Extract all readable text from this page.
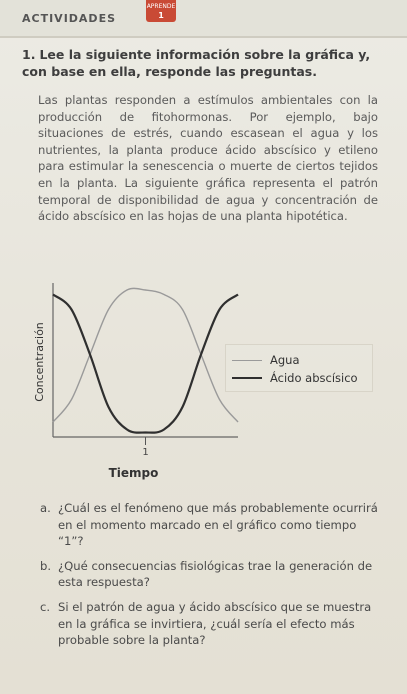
ACTIVIDADES
APRENDE
1
1. Lee la siguiente información sobre la gráfica y, con base en ella, responde las preguntas.
Las plantas responden a estímulos ambientales con la producción de fitohormonas. Por ejemplo, bajo situaciones de estrés, cuando escasean el agua y los nutrientes, la planta produce ácido abscísico y etileno para estimular la senescencia o muerte de ciertos tejidos en la planta. La siguiente gráfica representa el patrón temporal de disponibilidad de agua y concentración de ácido abscísico en las hojas de una planta hipotética.
1
Tiempo
Concentración	Agua
Ácido abscísico
a. ¿Cuál es el fenómeno que más probablemente ocurrirá en el momento marcado en el gráfico como tiempo “1”?
b. ¿Qué consecuencias fisiológicas trae la generación de esta respuesta?
c. Si el patrón de agua y ácido abscísico que se muestra en la gráfica se invirtiera, ¿cuál sería el efecto más probable sobre la planta?
